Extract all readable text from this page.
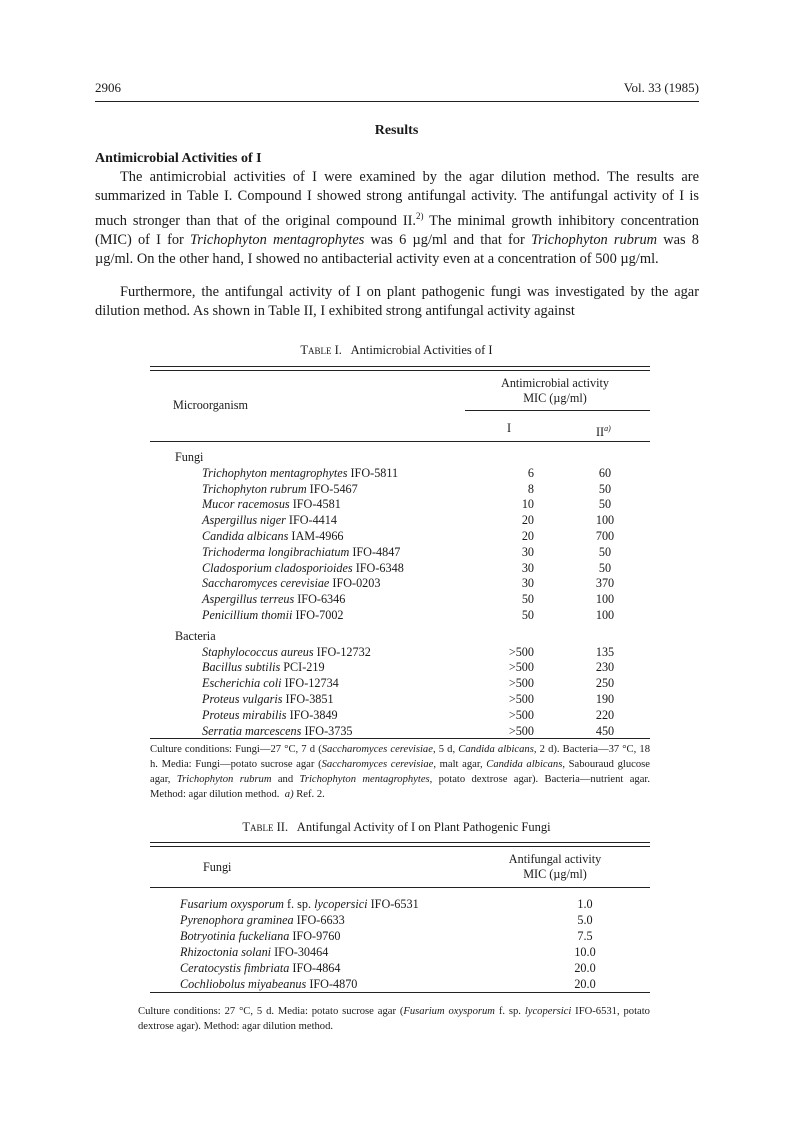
2906	Vol. 33 (1985)
Results
Antimicrobial Activities of I

The antimicrobial activities of I were examined by the agar dilution method. The results are summarized in Table I. Compound I showed strong antifungal activity. The antifungal activity of I is much stronger than that of the original compound II.$^{2)}$ The minimal growth inhibitory concentration (MIC) of I for Trichophyton mentagrophytes was 6 µg/ml and that for Trichophyton rubrum was 8 µg/ml. On the other hand, I showed no antibacterial activity even at a concentration of 500 µg/ml.

Furthermore, the antifungal activity of I on plant pathogenic fungi was investigated by the agar dilution method. As shown in Table II, I exhibited strong antifungal activity against

Table I. Antimicrobial Activities of I
Microorganism
Antimicrobial activity
MIC (µg/ml)
I	II$^{a)}$
Fungi
Trichophyton mentagrophytes IFO-5811	6	60
Trichophyton rubrum IFO-5467	8	50
Mucor racemosus IFO-4581	10	50
Aspergillus niger IFO-4414	20	100
Candida albicans IAM-4966	20	700
Trichoderma longibrachiatum IFO-4847	30	50
Cladosporium cladosporioides IFO-6348	30	50
Saccharomyces cerevisiae IFO-0203	30	370
Aspergillus terreus IFO-6346	50	100
Penicillium thomii IFO-7002	50	100
Bacteria
Staphylococcus aureus IFO-12732	>500	135
Bacillus subtilis PCI-219	>500	230
Escherichia coli IFO-12734	>500	250
Proteus vulgaris IFO-3851	>500	190
Proteus mirabilis IFO-3849	>500	220
Serratia marcescens IFO-3735	>500	450
Culture conditions: Fungi—27 °C, 7 d (Saccharomyces cerevisiae, 5 d, Candida albicans, 2 d). Bacteria—37 °C, 18 h. Media: Fungi—potato sucrose agar (Saccharomyces cerevisiae, malt agar, Candida albicans, Sabouraud glucose agar, Trichophyton rubrum and Trichophyton mentagrophytes, potato dextrose agar). Bacteria—nutrient agar. Method: agar dilution method. a) Ref. 2.
Table II. Antifungal Activity of I on Plant Pathogenic Fungi
Fungi
Antifungal activity
MIC (µg/ml)
Fusarium oxysporum f. sp. lycopersici IFO-6531	1.0
Pyrenophora graminea IFO-6633	5.0
Botryotinia fuckeliana IFO-9760	7.5
Rhizoctonia solani IFO-30464	10.0
Ceratocystis fimbriata IFO-4864	20.0
Cochliobolus miyabeanus IFO-4870	20.0
Culture conditions: 27 °C, 5 d. Media: potato sucrose agar (Fusarium oxysporum f. sp. lycopersici IFO-6531, potato dextrose agar). Method: agar dilution method.
